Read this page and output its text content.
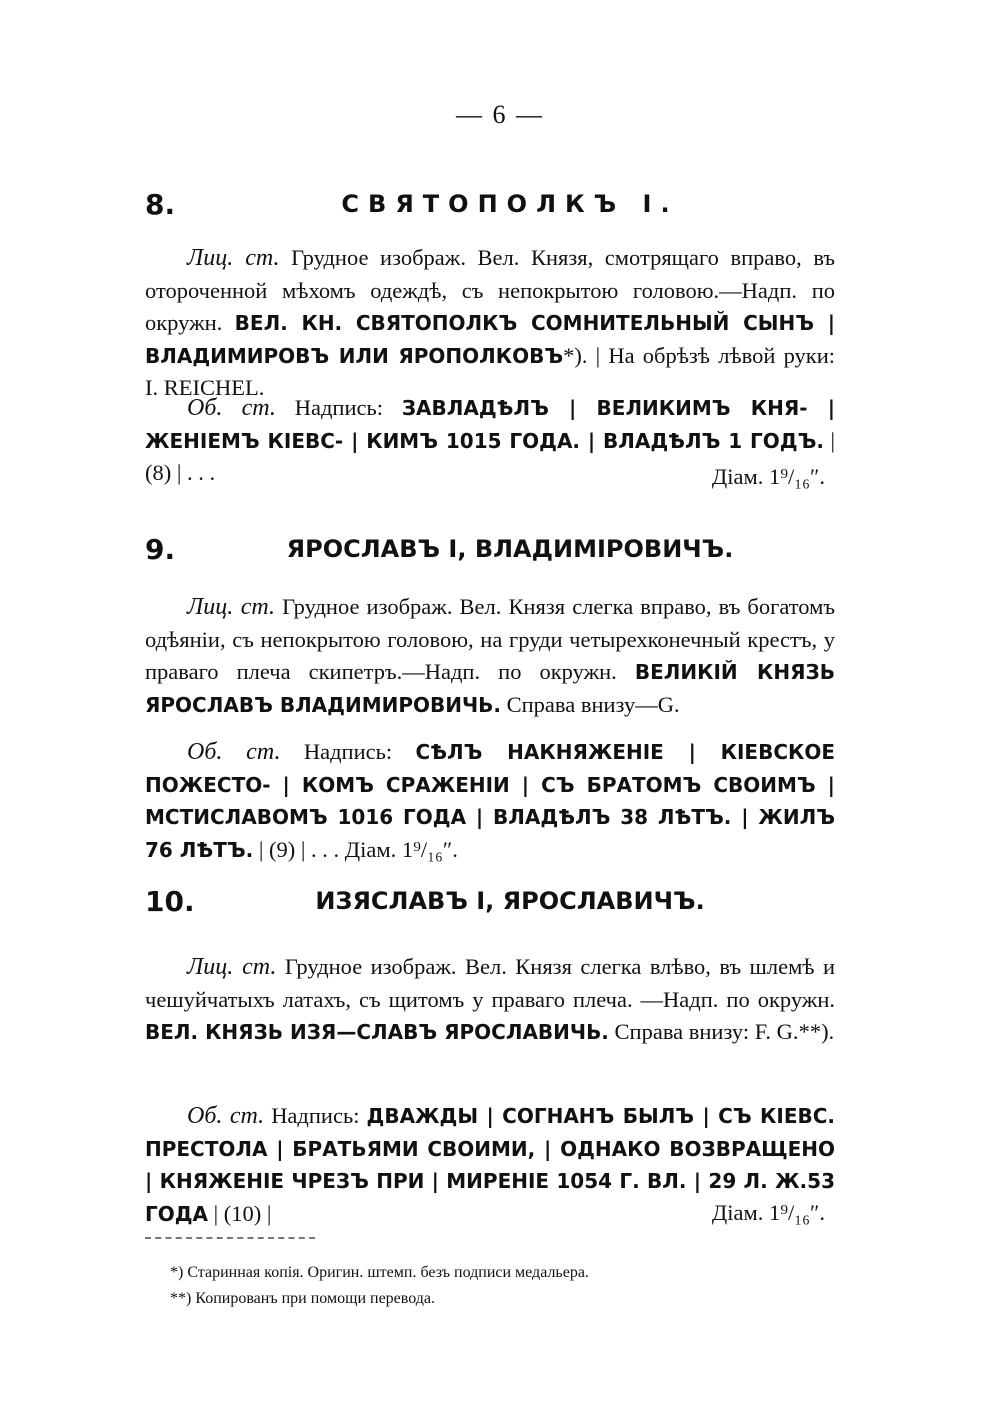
— 6 —
8.	СВЯТОПОЛКЪ I.
Лиц. ст. Грудное изображ. Вел. Князя, смотрящаго вправо, въ отороченной мѣхомъ одеждѣ, съ непокрытою головою.—Надп. по окружн. ВЕЛ. КН. СВЯТОПОЛКЪ СОМНИТЕЛЬНЫЙ СЫНЪ | ВЛАДИМИРОВЪ ИЛИ ЯРОПОЛКОВЪ*). | На обрѣзѣ лѣвой руки: I. REICHEL.
Об. ст. Надпись: ЗАВЛАДѢЛЪ | ВЕЛИКИМЪ КНЯ- | ЖЕНIЕМЪ КIЕВС- | КИМЪ 1015 ГОДА. | ВЛАДѢЛЪ 1 ГОДЪ. | (8) | . . .	Дiам. 1⁹/₁₆″.
9.	ЯРОСЛАВЪ I, ВЛАДИМIРОВИЧЪ.
Лиц. ст. Грудное изображ. Вел. Князя слегка вправо, въ богатомъ одѣянiи, съ непокрытою головою, на груди четырехконечный крестъ, у праваго плеча скипетръ.—Надп. по окружн. ВЕЛИКIЙ КНЯЗЬ ЯРОСЛАВЪ ВЛАДИМИРОВИЧЬ. Справа внизу—G.
Об. ст. Надпись: СѢЛЪ НАКНЯЖЕНIЕ | КIЕВСКОЕ ПОЖЕСТО- | КОМЪ СРАЖЕНIИ | СЪ БРАТОМЪ СВОИМЪ | МСТИСЛАВОМЪ 1016 ГОДА | ВЛАДѢЛЪ 38 ЛѢТЪ. | ЖИЛЪ 76 ЛѢТЪ. | (9) | . . . Дiам. 1⁹/₁₆″.
10.	ИЗЯСЛАВЪ I, ЯРОСЛАВИЧЪ.
Лиц. ст. Грудное изображ. Вел. Князя слегка влѣво, въ шлемѣ и чешуйчатыхъ латахъ, съ щитомъ у праваго плеча. —Надп. по окружн. ВЕЛ. КНЯЗЬ ИЗЯ—СЛАВЪ ЯРОСЛАВИЧЬ. Справа внизу: F. G.**).
Об. ст. Надпись: ДВАЖДЫ | СОГНАНЪ БЫЛЪ | СЪ КIЕВС. ПРЕСТОЛА | БРАТЬЯМИ СВОИМИ, | ОДНАКО ВОЗВРАЩЕНО | КНЯЖЕНIЕ ЧРЕЗЪ ПРИ | МИРЕНIЕ 1054 Г. ВЛ. | 29 Л. Ж.53 ГОДА | (10) |	Дiам. 1⁹/₁₆″.
*) Старинная копiя. Оригин. штемп. безъ подписи медальера.
**) Копированъ при помощи перевода.
